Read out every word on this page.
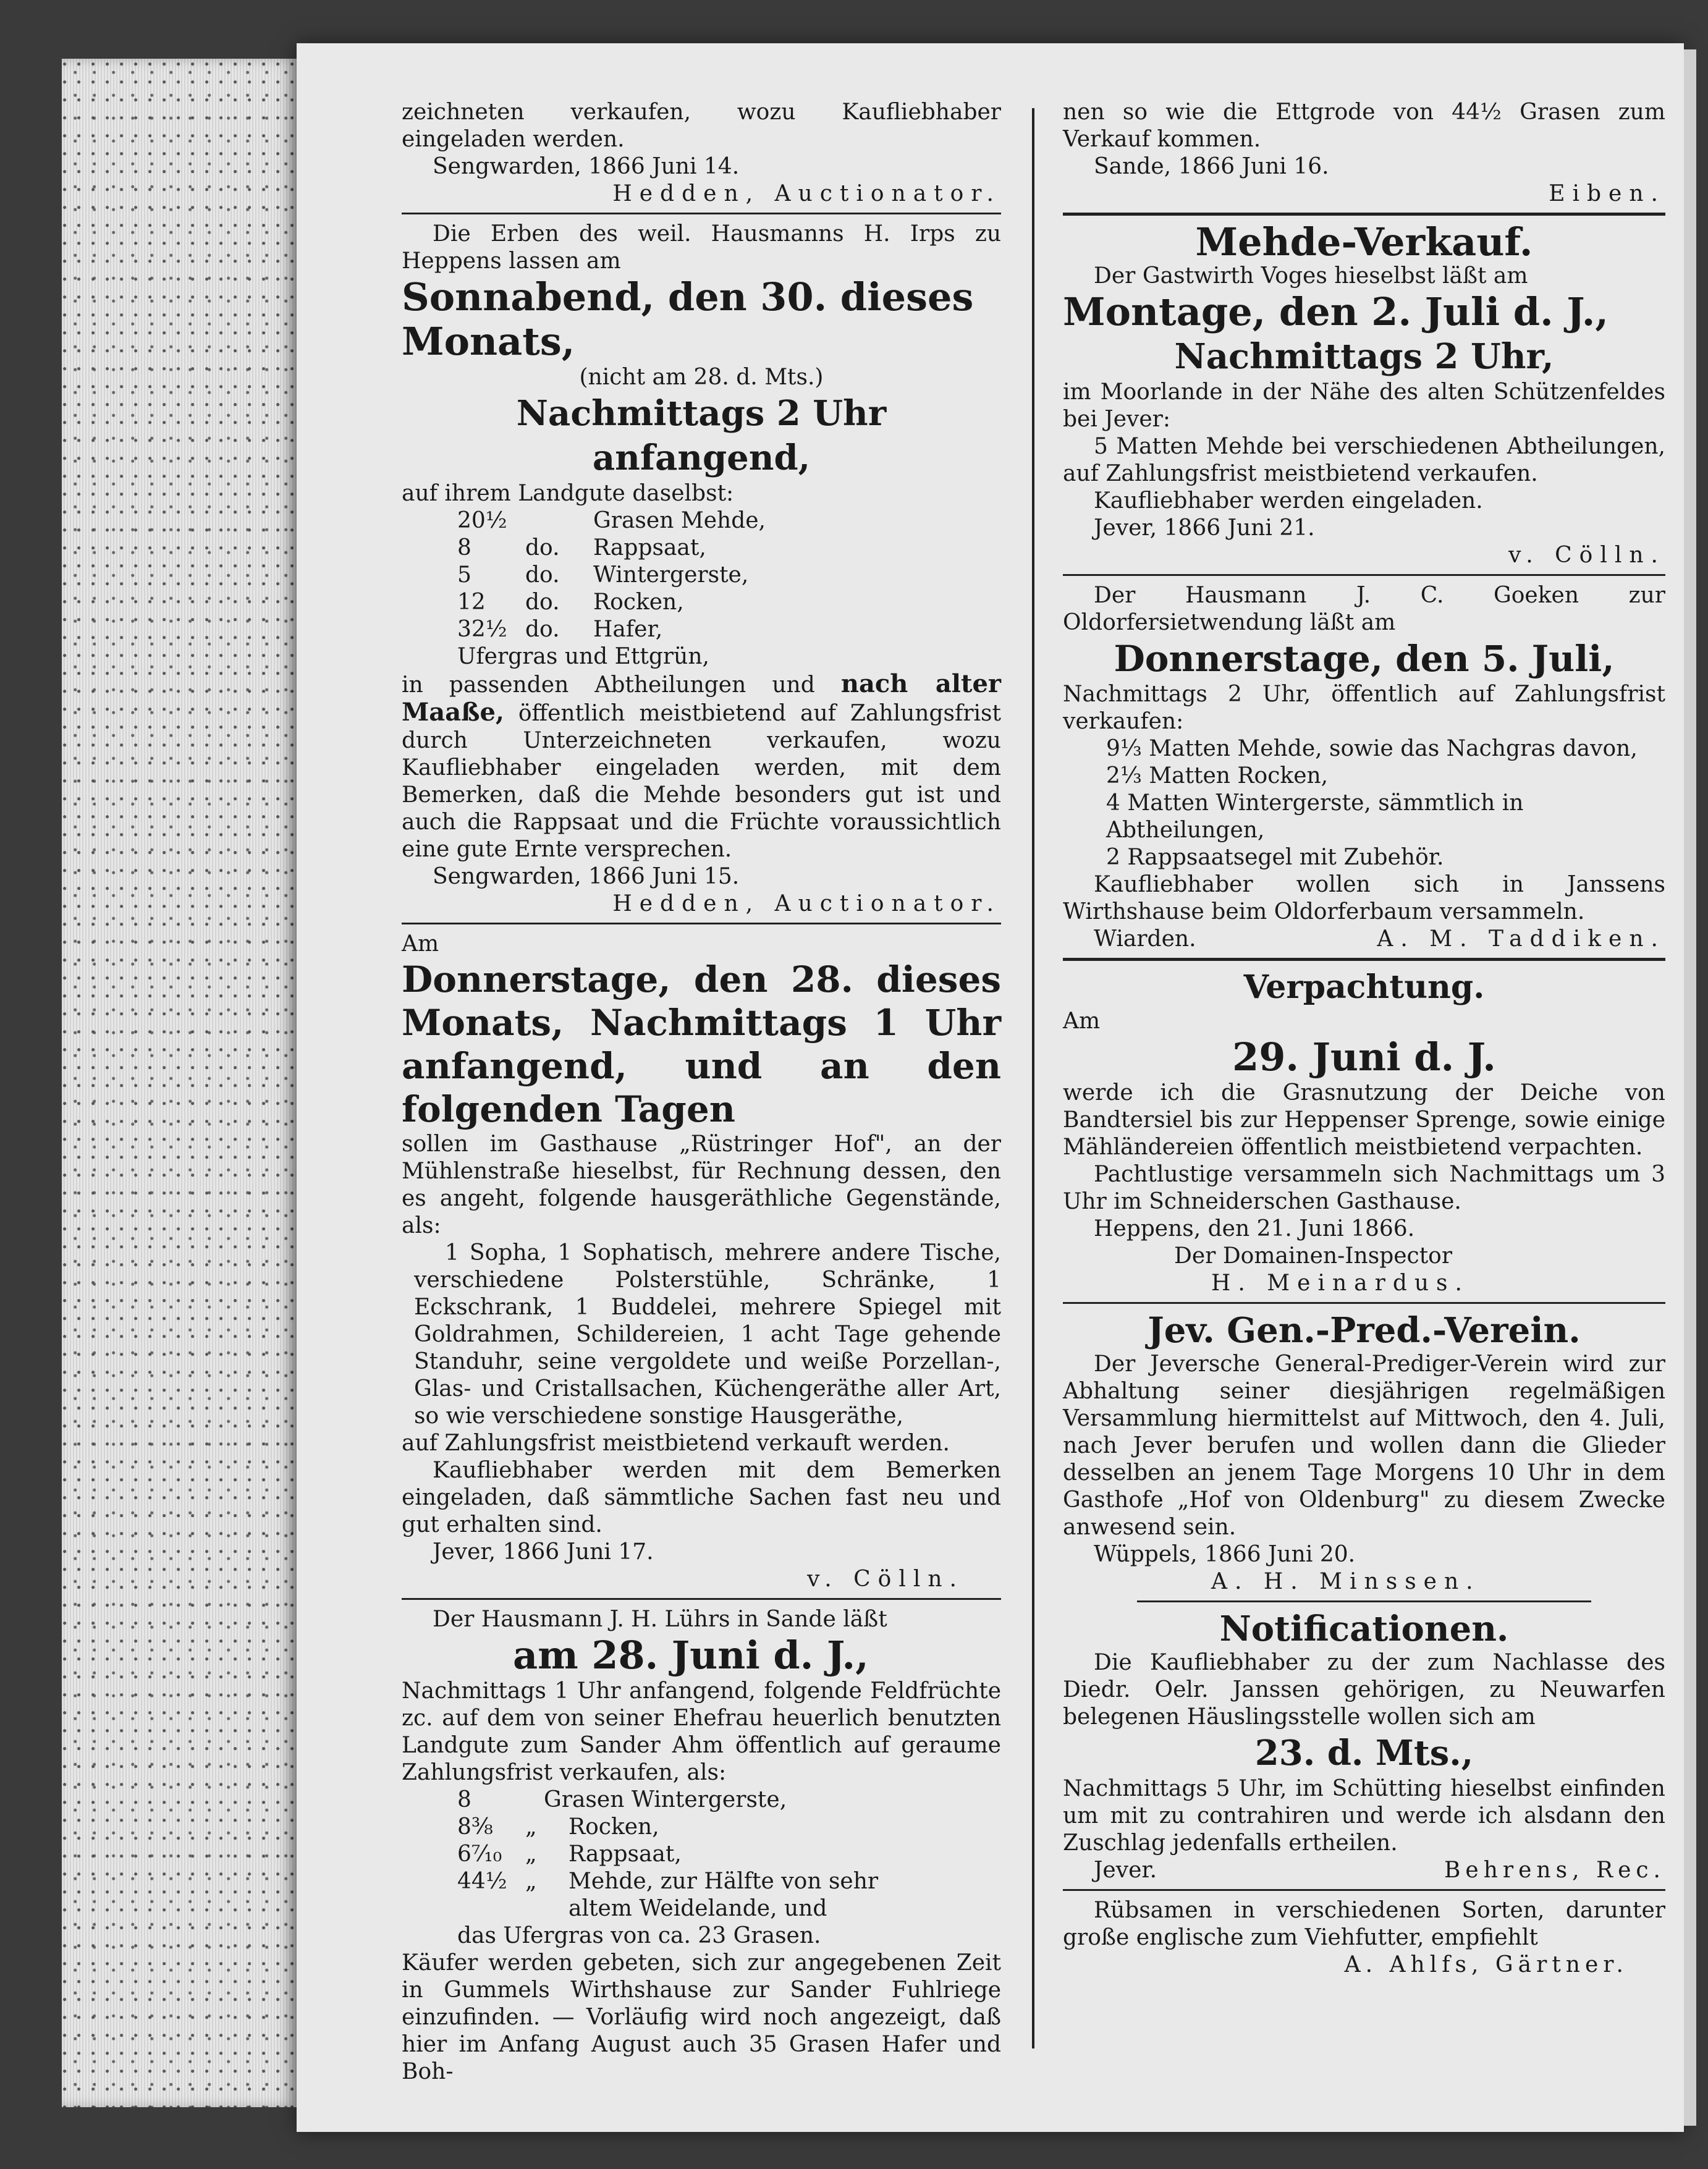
zeichneten verkaufen, wozu Kaufliebhaber eingeladen werden.

Sengwarden, 1866 Juni 14.

Hedden, Auctionator.

Die Erben des weil. Hausmanns H. Irps zu Heppens lassen am

Sonnabend, den 30. dieses Monats,

(nicht am 28. d. Mts.)

Nachmittags 2 Uhr anfangend,

auf ihrem Landgute daselbst:

20½	Grasen Mehde,
8	do.	Rappsaat,
5	do.	Wintergerste,
12	do.	Rocken,
32½ do.	Hafer,

Ufergras und Ettgrün,

in passenden Abtheilungen und nach alter Maaße, öffentlich meistbietend auf Zahlungsfrist durch Unterzeichneten verkaufen, wozu Kaufliebhaber eingeladen werden, mit dem Bemerken, daß die Mehde besonders gut ist und auch die Rappsaat und die Früchte voraussichtlich eine gute Ernte versprechen.

Sengwarden, 1866 Juni 15.

Hedden, Auctionator.

Am

Donnerstage, den 28. dieses Monats, Nachmittags 1 Uhr anfangend, und an den folgenden Tagen

sollen im Gasthause „Rüstringer Hof", an der Mühlenstraße hieselbst, für Rechnung dessen, den es angeht, folgende hausgeräthliche Gegenstände, als:

1 Sopha, 1 Sophatisch, mehrere andere Tische, verschiedene Polsterstühle, Schränke, 1 Eckschrank, 1 Buddelei, mehrere Spiegel mit Goldrahmen, Schildereien, 1 acht Tage gehende Standuhr, seine vergoldete und weiße Porzellan-, Glas- und Cristallsachen, Küchengeräthe aller Art, so wie verschiedene sonstige Hausgeräthe,

auf Zahlungsfrist meistbietend verkauft werden.

Kaufliebhaber werden mit dem Bemerken eingeladen, daß sämmtliche Sachen fast neu und gut erhalten sind.

Jever, 1866 Juni 17.

v. Cölln.

Der Hausmann J. H. Lührs in Sande läßt

am 28. Juni d. J.,

Nachmittags 1 Uhr anfangend, folgende Feldfrüchte zc. auf dem von seiner Ehefrau heuerlich benutzten Landgute zum Sander Ahm öffentlich auf geraume Zahlungsfrist verkaufen, als:

8	Grasen Wintergerste,
8⅜	„	Rocken,
6⁷⁄₁₀	„	Rappsaat,
44½ „	Mehde, zur Hälfte von sehr altem Weidelande, und

das Ufergras von ca. 23 Grasen.

Käufer werden gebeten, sich zur angegebenen Zeit in Gummels Wirthshause zur Sander Fuhlriege einzufinden. — Vorläufig wird noch angezeigt, daß hier im Anfang August auch 35 Grasen Hafer und Boh-

nen so wie die Ettgrode von 44½ Grasen zum Verkauf kommen.

Sande, 1866 Juni 16.

Eiben.

Mehde-Verkauf.

Der Gastwirth Voges hieselbst läßt am

Montage, den 2. Juli d. J.,

Nachmittags 2 Uhr,

im Moorlande in der Nähe des alten Schützenfeldes bei Jever:

5 Matten Mehde bei verschiedenen Abtheilungen, auf Zahlungsfrist meistbietend verkaufen.

Kaufliebhaber werden eingeladen.

Jever, 1866 Juni 21.

v. Cölln.

Der Hausmann J. C. Goeken zur Oldorfersietwendung läßt am

Donnerstage, den 5. Juli,

Nachmittags 2 Uhr, öffentlich auf Zahlungsfrist verkaufen:

9⅓ Matten Mehde, sowie das Nachgras davon,

2⅓ Matten Rocken,

4 Matten Wintergerste, sämmtlich in Abtheilungen,

2 Rappsaatsegel mit Zubehör.

Kaufliebhaber wollen sich in Janssens Wirthshause beim Oldorferbaum versammeln.

Wiarden.	A. M. Taddiken.

Verpachtung.

Am

29. Juni d. J.

werde ich die Grasnutzung der Deiche von Bandtersiel bis zur Heppenser Sprenge, sowie einige Mähländereien öffentlich meistbietend verpachten.

Pachtlustige versammeln sich Nachmittags um 3 Uhr im Schneiderschen Gasthause.

Heppens, den 21. Juni 1866.

Der Domainen-Inspector

H. Meinardus.

Jev. Gen.-Pred.-Verein.

Der Jeversche General-Prediger-Verein wird zur Abhaltung seiner diesjährigen regelmäßigen Versammlung hiermittelst auf Mittwoch, den 4. Juli, nach Jever berufen und wollen dann die Glieder desselben an jenem Tage Morgens 10 Uhr in dem Gasthofe „Hof von Oldenburg" zu diesem Zwecke anwesend sein.

Wüppels, 1866 Juni 20.

A. H. Minssen.

Notificationen.

Die Kaufliebhaber zu der zum Nachlasse des Diedr. Oelr. Janssen gehörigen, zu Neuwarfen belegenen Häuslingsstelle wollen sich am

23. d. Mts.,

Nachmittags 5 Uhr, im Schütting hieselbst einfinden um mit zu contrahiren und werde ich alsdann den Zuschlag jedenfalls ertheilen.

Jever.	Behrens, Rec.

Rübsamen in verschiedenen Sorten, darunter große englische zum Viehfutter, empfiehlt

A. Ahlfs, Gärtner.
